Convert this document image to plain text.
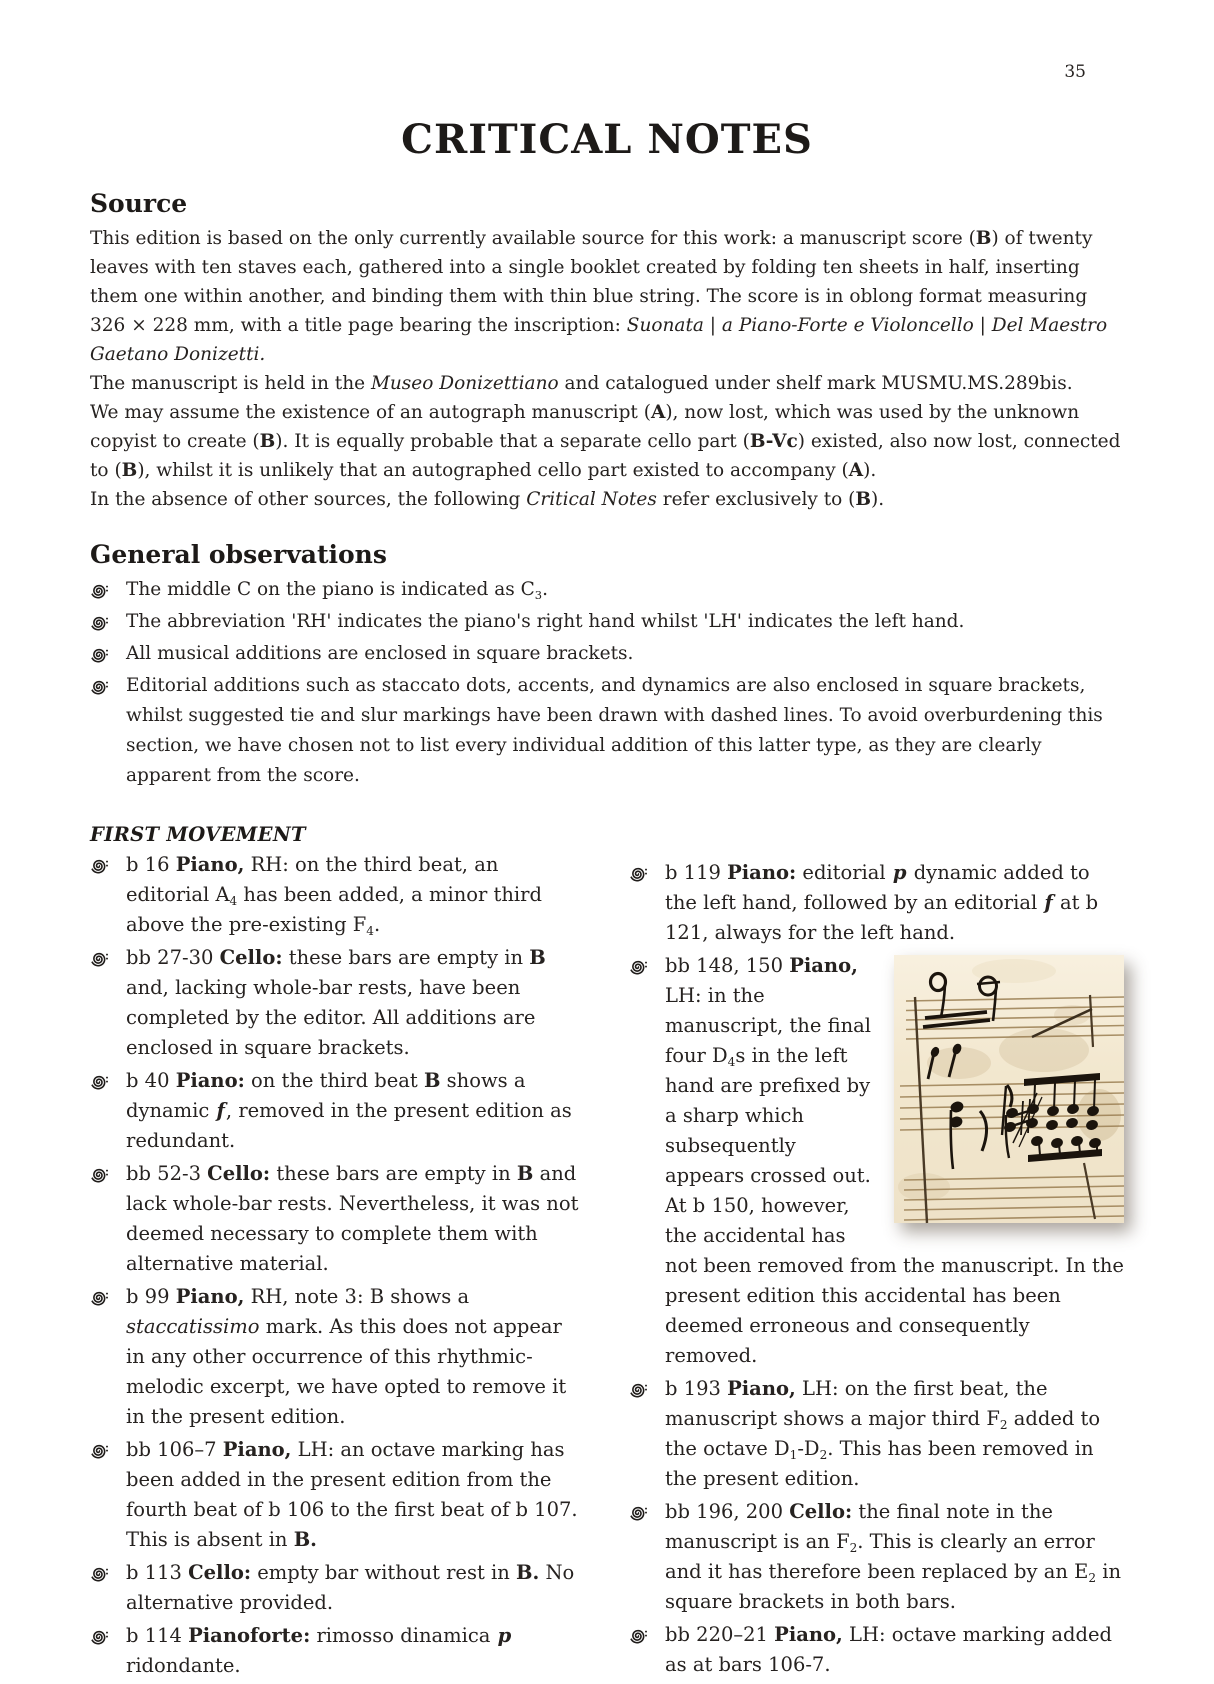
35
CRITICAL NOTES
Source

This edition is based on the only currently available source for this work: a manuscript score (B) of twenty leaves with ten staves each, gathered into a single booklet created by folding ten sheets in half, inserting them one within another, and binding them with thin blue string. The score is in oblong format measuring 326 × 228 mm, with a title page bearing the inscription: Suonata | a Piano-Forte e Violoncello | Del Maestro Gaetano Donizetti.

The manuscript is held in the Museo Donizettiano and catalogued under shelf mark MUSMU.MS.289bis.

We may assume the existence of an autograph manuscript (A), now lost, which was used by the unknown copyist to create (B). It is equally probable that a separate cello part (B-Vc) existed, also now lost, connected to (B), whilst it is unlikely that an autographed cello part existed to accompany (A).

In the absence of other sources, the following Critical Notes refer exclusively to (B).

General observations
The middle C on the piano is indicated as $C_3$.
The abbreviation 'RH' indicates the piano's right hand whilst 'LH' indicates the left hand.
All musical additions are enclosed in square brackets.
Editorial additions such as staccato dots, accents, and dynamics are also enclosed in square brackets, whilst suggested tie and slur markings have been drawn with dashed lines. To avoid overburdening this section, we have chosen not to list every individual addition of this latter type, as they are clearly apparent from the score.
FIRST MOVEMENT
b 16 Piano, RH: on the third beat, an editorial $A_4$ has been added, a minor third above the pre-existing $F_4$.
bb 27-30 Cello: these bars are empty in B and, lacking whole-bar rests, have been completed by the editor. All additions are enclosed in square brackets.
b 40 Piano: on the third beat B shows a dynamic f, removed in the present edition as redundant.
bb 52-3 Cello: these bars are empty in B and lack whole-bar rests. Nevertheless, it was not deemed necessary to complete them with alternative material.
b 99 Piano, RH, note 3: B shows a staccatissimo mark. As this does not appear in any other occurrence of this rhythmic-melodic excerpt, we have opted to remove it in the present edition.
bb 106–7 Piano, LH: an octave marking has been added in the present edition from the fourth beat of b 106 to the first beat of b 107. This is absent in B.
b 113 Cello: empty bar without rest in B. No alternative provided.
b 114 Pianoforte: rimosso dinamica p ridondante.
b 119 Piano: editorial p dynamic added to the left hand, followed by an editorial f at b 121, always for the left hand.
bb 148, 150 Piano, LH: in the manuscript, the final four $D_4s$ in the left hand are prefixed by a sharp which subsequently appears crossed out. At b 150, however, the accidental has not been removed from the manuscript. In the present edition this accidental has been deemed erroneous and consequently removed.
b 193 Piano, LH: on the first beat, the manuscript shows a major third $F_2$ added to the octave $D_1-D_2$. This has been removed in the present edition.
bb 196, 200 Cello: the final note in the manuscript is an $F_2$. This is clearly an error and it has therefore been replaced by an $E_2$ in square brackets in both bars.
bb 220–21 Piano, LH: octave marking added as at bars 106-7.
